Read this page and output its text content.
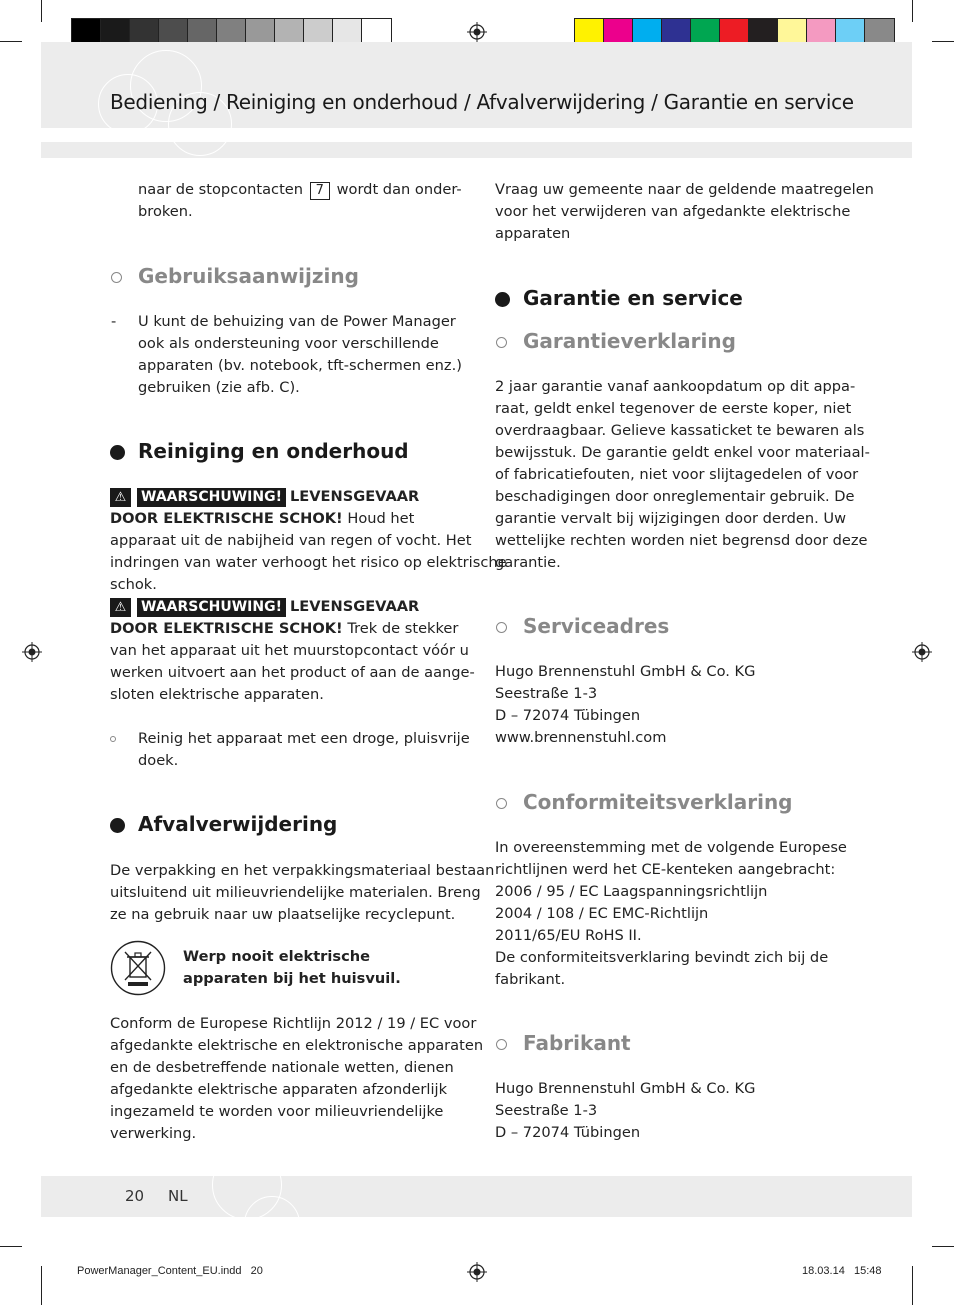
Bediening / Reiniging en onderhoud / Afvalverwijdering / Garantie en service
naar de stopcontacten 7 wordt dan onder-
broken.
Gebruiksaanwijzing
- U kunt de behuizing van de Power Manager
ook als ondersteuning voor verschillende
apparaten (bv. notebook, tft-schermen enz.)
gebruiken (zie afb. C).
Reiniging en onderhoud
⚠ WAARSCHUWING! LEVENSGEVAAR
DOOR ELEKTRISCHE SCHOK! Houd het
apparaat uit de nabijheid van regen of vocht. Het
indringen van water verhoogt het risico op elektrische
schok.
⚠ WAARSCHUWING! LEVENSGEVAAR
DOOR ELEKTRISCHE SCHOK! Trek de stekker
van het apparaat uit het muurstopcontact vóór u
werken uitvoert aan het product of aan de aange-
sloten elektrische apparaten.
Reinig het apparaat met een droge, pluisvrije
doek.
Afvalverwijdering
De verpakking en het verpakkingsmateriaal bestaan
uitsluitend uit milieuvriendelijke materialen. Breng
ze na gebruik naar uw plaatselijke recyclepunt.
Werp nooit elektrische
apparaten bij het huisvuil.
Conform de Europese Richtlijn 2012 / 19 / EC voor
afgedankte elektrische en elektronische apparaten
en de desbetreffende nationale wetten, dienen
afgedankte elektrische apparaten afzonderlijk
ingezameld te worden voor milieuvriendelijke
verwerking.
Vraag uw gemeente naar de geldende maatregelen
voor het verwijderen van afgedankte elektrische
apparaten
Garantie en service
Garantieverklaring
2 jaar garantie vanaf aankoopdatum op dit appa-
raat, geldt enkel tegenover de eerste koper, niet
overdraagbaar. Gelieve kassaticket te bewaren als
bewijsstuk. De garantie geldt enkel voor materiaal-
of fabricatiefouten, niet voor slijtagedelen of voor
beschadigingen door onreglementair gebruik. De
garantie vervalt bij wijzigingen door derden. Uw
wettelijke rechten worden niet begrensd door deze
garantie.
Serviceadres
Hugo Brennenstuhl GmbH & Co. KG
Seestraße 1-3
D – 72074 Tübingen
www.brennenstuhl.com
Conformiteitsverklaring
In overeenstemming met de volgende Europese
richtlijnen werd het CE-kenteken aangebracht:
2006 / 95 / EC Laagspanningsrichtlijn
2004 / 108 / EC EMC-Richtlijn
2011/65/EU RoHS II.
De conformiteitsverklaring bevindt zich bij de
fabrikant.
Fabrikant
Hugo Brennenstuhl GmbH & Co. KG
Seestraße 1-3
D – 72074 Tübingen
20 NL
PowerManager_Content_EU.indd   20	18.03.14   15:48
